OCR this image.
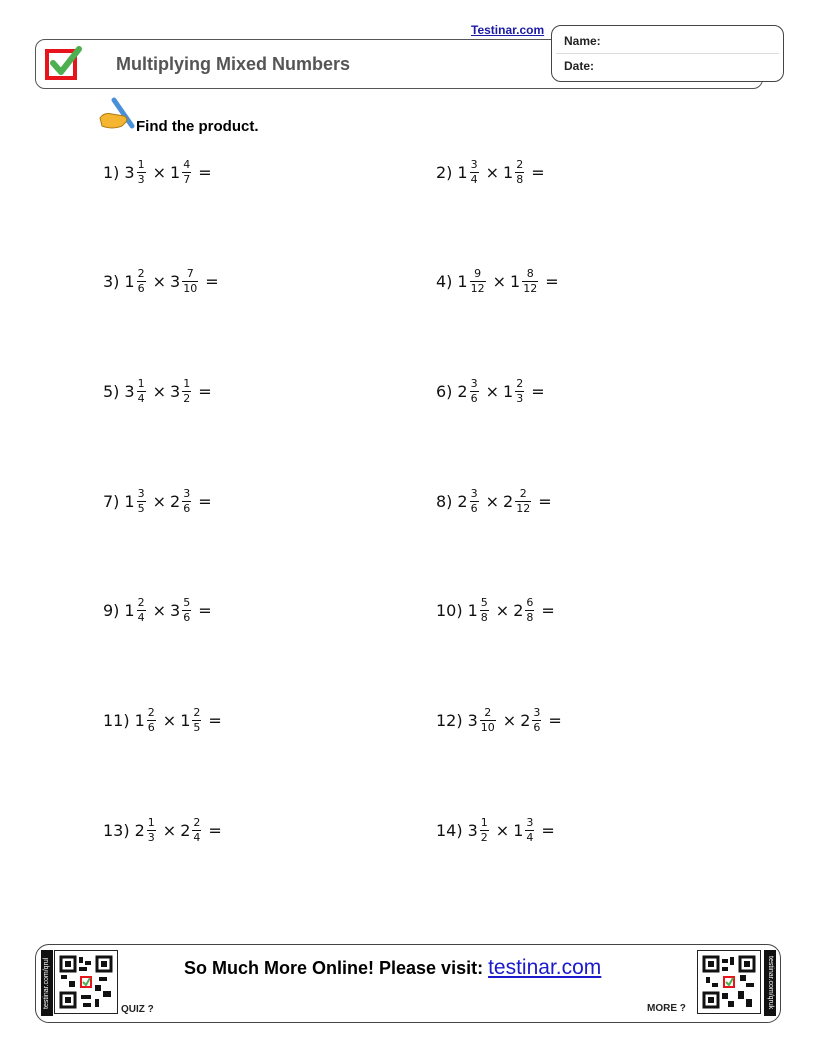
Testinar.com
Multiplying Mixed Numbers
Name:
Date:
Find the product.
1) $3 \frac{1}{3} \times 1 \frac{4}{7}$ =	2) $1 \frac{3}{4} \times 1 \frac{2}{8}$ =
3) $1 \frac{2}{6} \times 3 \frac{7}{10}$ =	4) $1 \frac{9}{12} \times 1 \frac{8}{12}$ =
5) $3 \frac{1}{4} \times 3 \frac{1}{2}$ =	6) $2 \frac{3}{6} \times 1 \frac{2}{3}$ =
7) $1 \frac{3}{5} \times 2 \frac{3}{6}$ =	8) $2 \frac{3}{6} \times 2 \frac{2}{12}$ =
9) $1 \frac{2}{4} \times 3 \frac{5}{6}$ =	10) $1 \frac{5}{8} \times 2 \frac{6}{8}$ =
11) $1 \frac{2}{6} \times 1 \frac{2}{5}$ =	12) $3 \frac{2}{10} \times 2 \frac{3}{6}$ =
13) $2 \frac{1}{3} \times 2 \frac{2}{4}$ =	14) $3 \frac{1}{2} \times 1 \frac{3}{4}$ =
testinar.com/qrul
QUIZ ?
So Much More Online! Please visit: testinar.com
MORE ?	testinar.com/qruk
